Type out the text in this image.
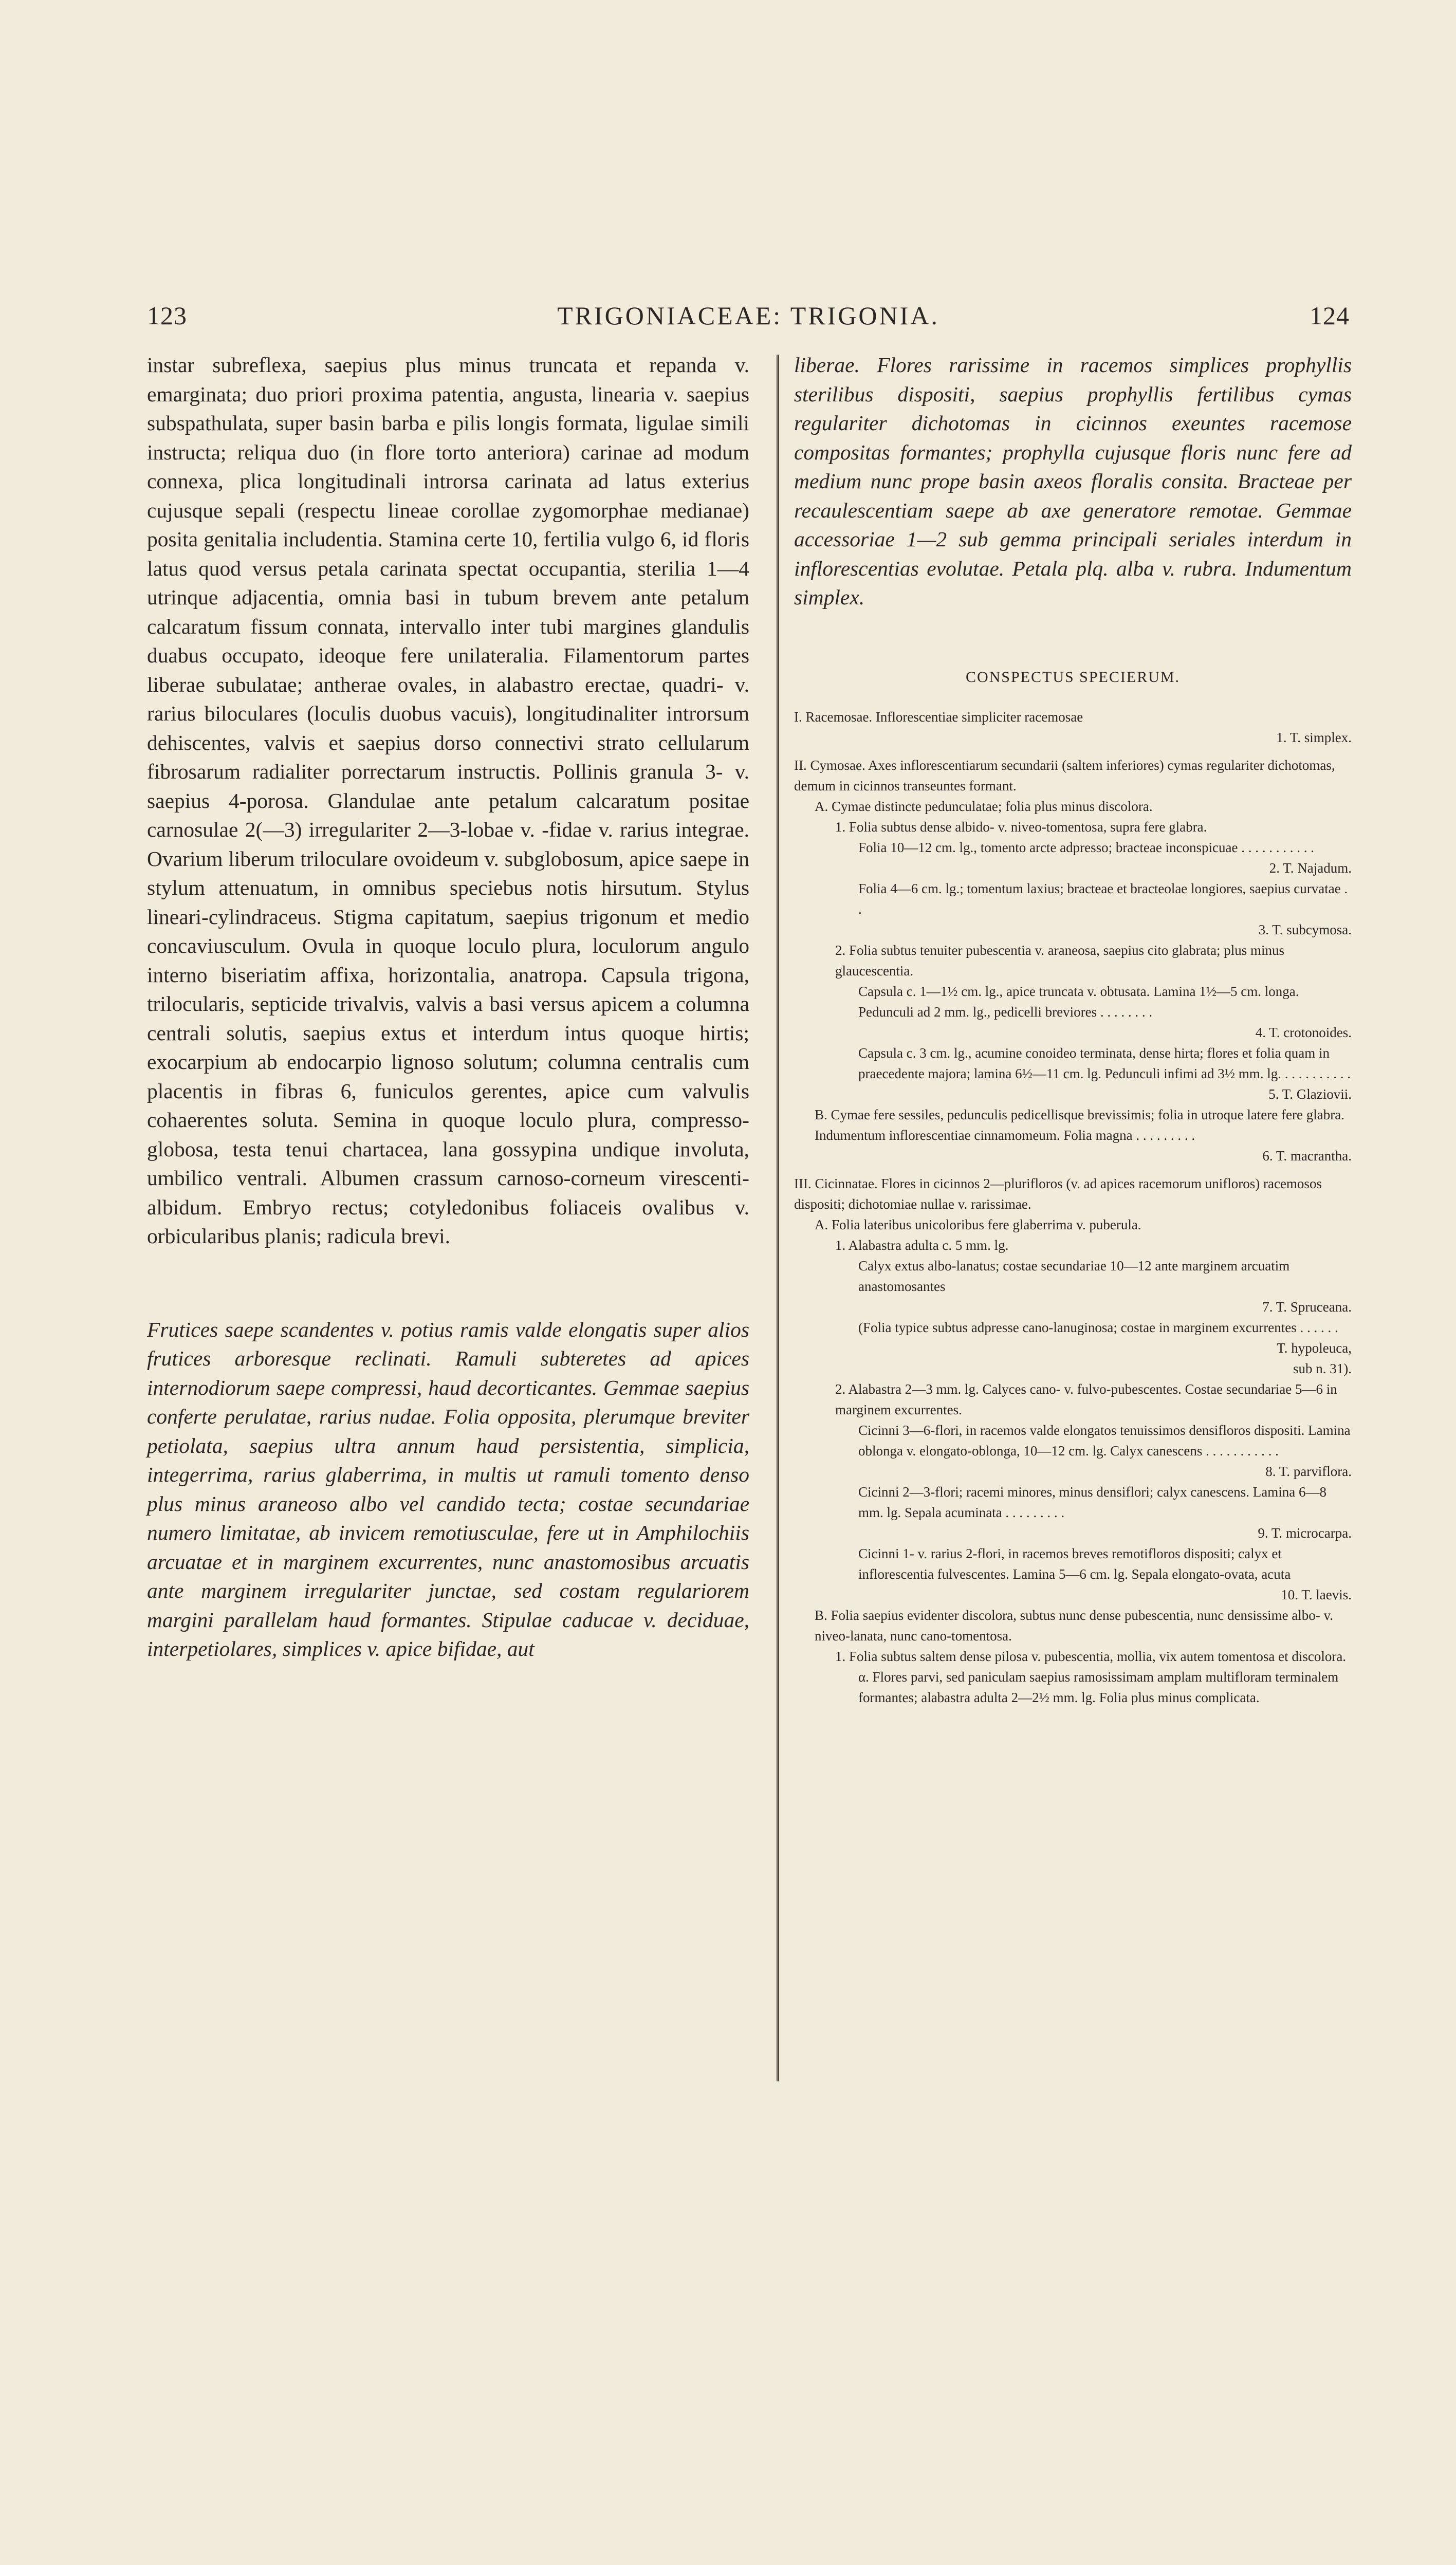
123	TRIGONIACEAE: TRIGONIA.	124

instar subreflexa, saepius plus minus truncata et repanda v. emarginata; duo priori proxima patentia, angusta, linearia v. saepius subspathulata, super basin barba e pilis longis formata, ligulae simili instructa; reliqua duo (in flore torto anteriora) carinae ad modum connexa, plica longitudinali introrsa carinata ad latus exterius cujusque sepali (respectu lineae corollae zygomorphae medianae) posita genitalia includentia. Stamina certe 10, fertilia vulgo 6, id floris latus quod versus petala carinata spectat occupantia, sterilia 1—4 utrinque adjacentia, omnia basi in tubum brevem ante petalum calcaratum fissum connata, intervallo inter tubi margines glandulis duabus occupato, ideoque fere unilateralia. Filamentorum partes liberae subulatae; antherae ovales, in alabastro erectae, quadri- v. rarius biloculares (loculis duobus vacuis), longitudinaliter introrsum dehiscentes, valvis et saepius dorso connectivi strato cellularum fibrosarum radialiter porrectarum instructis. Pollinis granula 3- v. saepius 4-porosa. Glandulae ante petalum calcaratum positae carnosulae 2(—3) irregulariter 2—3-lobae v. -fidae v. rarius integrae. Ovarium liberum triloculare ovoideum v. subglobosum, apice saepe in stylum attenuatum, in omnibus speciebus notis hirsutum. Stylus lineari-cylindraceus. Stigma capitatum, saepius trigonum et medio concaviusculum. Ovula in quoque loculo plura, loculorum angulo interno biseriatim affixa, horizontalia, anatropa. Capsula trigona, trilocularis, septicide trivalvis, valvis a basi versus apicem a columna centrali solutis, saepius extus et interdum intus quoque hirtis; exocarpium ab endocarpio lignoso solutum; columna centralis cum placentis in fibras 6, funiculos gerentes, apice cum valvulis cohaerentes soluta. Semina in quoque loculo plura, compresso-globosa, testa tenui chartacea, lana gossypina undique involuta, umbilico ventrali. Albumen crassum carnoso-corneum virescenti-albidum. Embryo rectus; cotyledonibus foliaceis ovalibus v. orbicularibus planis; radicula brevi.

Frutices saepe scandentes v. potius ramis valde elongatis super alios frutices arboresque reclinati. Ramuli subteretes ad apices internodiorum saepe compressi, haud decorticantes. Gemmae saepius conferte perulatae, rarius nudae. Folia opposita, plerumque breviter petiolata, saepius ultra annum haud persistentia, simplicia, integerrima, rarius glaberrima, in multis ut ramuli tomento denso plus minus araneoso albo vel candido tecta; costae secundariae numero limitatae, ab invicem remotiusculae, fere ut in Amphilochiis arcuatae et in marginem excurrentes, nunc anastomosibus arcuatis ante marginem irregulariter junctae, sed costam regulariorem margini parallelam haud formantes. Stipulae caducae v. deciduae, interpetiolares, simplices v. apice bifidae, aut

liberae. Flores rarissime in racemos simplices prophyllis sterilibus dispositi, saepius prophyllis fertilibus cymas regulariter dichotomas in cicinnos exeuntes racemose compositas formantes; prophylla cujusque floris nunc fere ad medium nunc prope basin axeos floralis consita. Bracteae per recaulescentiam saepe ab axe generatore remotae. Gemmae accessoriae 1—2 sub gemma principali seriales interdum in inflorescentias evolutae. Petala plq. alba v. rubra. Indumentum simplex.

CONSPECTUS SPECIERUM.

I. Racemosae. Inflorescentiae simpliciter racemosae

1. T. simplex.

II. Cymosae. Axes inflorescentiarum secundarii (saltem inferiores) cymas regulariter dichotomas, demum in cicinnos transeuntes formant.

A. Cymae distincte pedunculatae; folia plus minus discolora.

1. Folia subtus dense albido- v. niveo-tomentosa, supra fere glabra.

Folia 10—12 cm. lg., tomento arcte adpresso; bracteae inconspicuae . . . . . . . . . . .

2. T. Najadum.

Folia 4—6 cm. lg.; tomentum laxius; bracteae et bracteolae longiores, saepius curvatae . .

3. T. subcymosa.

2. Folia subtus tenuiter pubescentia v. araneosa, saepius cito glabrata; plus minus glaucescentia.

Capsula c. 1—1½ cm. lg., apice truncata v. obtusata. Lamina 1½—5 cm. longa. Pedunculi ad 2 mm. lg., pedicelli breviores . . . . . . . .

4. T. crotonoides.

Capsula c. 3 cm. lg., acumine conoideo terminata, dense hirta; flores et folia quam in praecedente majora; lamina 6½—11 cm. lg. Pedunculi infimi ad 3½ mm. lg. . . . . . . . . . .

5. T. Glaziovii.

B. Cymae fere sessiles, pedunculis pedicellisque brevissimis; folia in utroque latere fere glabra. Indumentum inflorescentiae cinnamomeum. Folia magna . . . . . . . . .

6. T. macrantha.

III. Cicinnatae. Flores in cicinnos 2—plurifloros (v. ad apices racemorum unifloros) racemosos dispositi; dichotomiae nullae v. rarissimae.

A. Folia lateribus unicoloribus fere glaberrima v. puberula.

1. Alabastra adulta c. 5 mm. lg.

Calyx extus albo-lanatus; costae secundariae 10—12 ante marginem arcuatim anastomosantes

7. T. Sprucеana.

(Folia typice subtus adpresse cano-lanuginosa; costae in marginem excurrentes . . . . . .

T. hypoleuca,

sub n. 31).

2. Alabastra 2—3 mm. lg. Calyces cano- v. fulvo-pubescentes. Costae secundariae 5—6 in marginem excurrentes.

Cicinni 3—6-flori, in racemos valde elongatos tenuissimos densifloros dispositi. Lamina oblonga v. elongato-oblonga, 10—12 cm. lg. Calyx canescens . . . . . . . . . . .

8. T. parviflora.

Cicinni 2—3-flori; racemi minores, minus densiflori; calyx canescens. Lamina 6—8 mm. lg. Sepala acuminata . . . . . . . . .

9. T. microcarpa.

Cicinni 1- v. rarius 2-flori, in racemos breves remotifloros dispositi; calyx et inflorescentia fulvescentes. Lamina 5—6 cm. lg. Sepala elongato-ovata, acuta

10. T. laevis.

B. Folia saepius evidenter discolora, subtus nunc dense pubescentia, nunc densissime albo- v. niveo-lanata, nunc cano-tomentosa.

1. Folia subtus saltem dense pilosa v. pubescentia, mollia, vix autem tomentosa et discolora.

α. Flores parvi, sed paniculam saepius ramosissimam amplam multifloram terminalem formantes; alabastra adulta 2—2½ mm. lg. Folia plus minus complicata.
